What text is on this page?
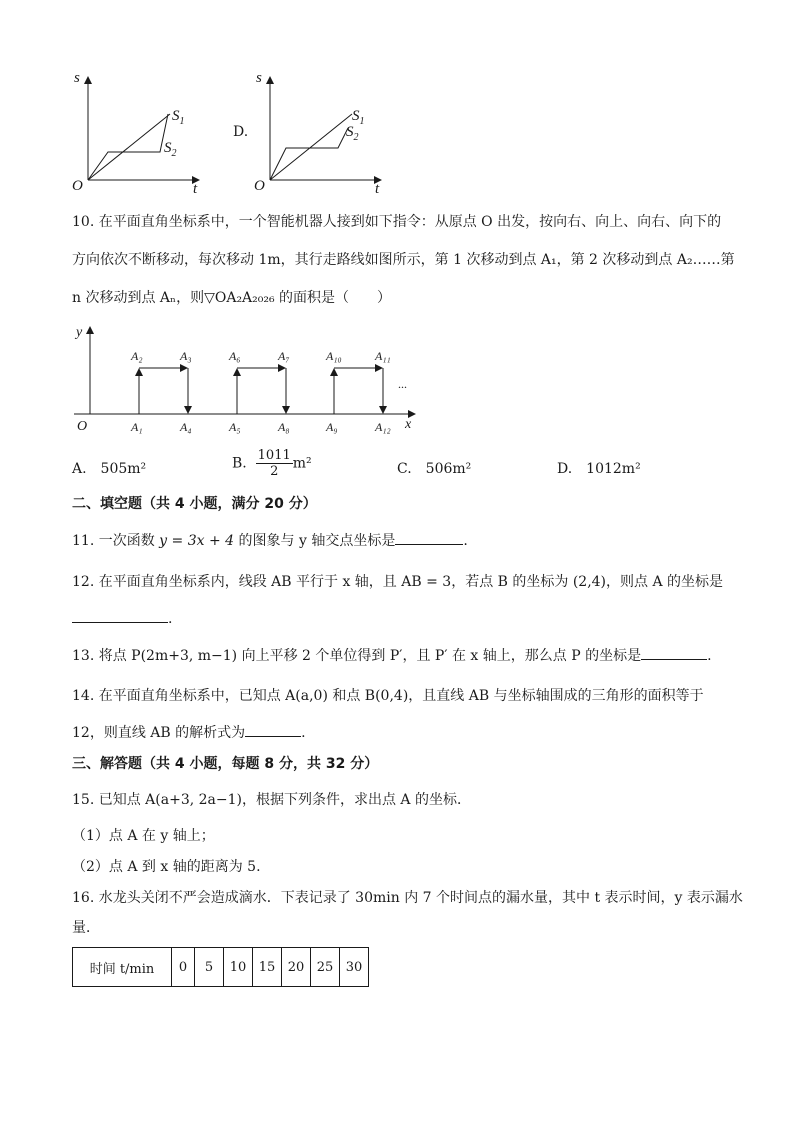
s
t
O
$S_1$
$S_2$
D.
s
t
O
$S_1$
$S_2$
10. 在平面直角坐标系中，一个智能机器人接到如下指令：从原点 O 出发，按向右、向上、向右、向下的
方向依次不断移动，每次移动 1m，其行走路线如图所示，第 1 次移动到点 A₁，第 2 次移动到点 A₂……第
n 次移动到点 Aₙ，则▽OA₂A₂₀₂₆ 的面积是（　　）
y
x
O
...
A₂	A₃
A₁	A₄
A₆	A₇
A₅	A₈
A₁₀	A₁₁
A₉	A₁₂
A.　505m²	B. $\frac{1011}{2} m^2$	C.　506m²	D.　1012m²
二、填空题（共 4 小题，满分 20 分）
11. 一次函数 y = 3x + 4 的图象与 y 轴交点坐标是	.
12. 在平面直角坐标系内，线段 AB 平行于 x 轴，且 AB = 3，若点 B 的坐标为 (2,4)，则点 A 的坐标是
.
13. 将点 P(2m+3, m−1) 向上平移 2 个单位得到 P′，且 P′ 在 x 轴上，那么点 P 的坐标是	.
14. 在平面直角坐标系中，已知点 A(a,0) 和点 B(0,4)，且直线 AB 与坐标轴围成的三角形的面积等于
12，则直线 AB 的解析式为	.
三、解答题（共 4 小题，每题 8 分，共 32 分）
15. 已知点 A(a+3, 2a−1)，根据下列条件，求出点 A 的坐标．
（1）点 A 在 y 轴上；
（2）点 A 到 x 轴的距离为 5.
16. 水龙头关闭不严会造成滴水．下表记录了 30min 内 7 个时间点的漏水量，其中 t 表示时间，y 表示漏水
量．
时间 t/min	0	5	10	15	20	25	30
